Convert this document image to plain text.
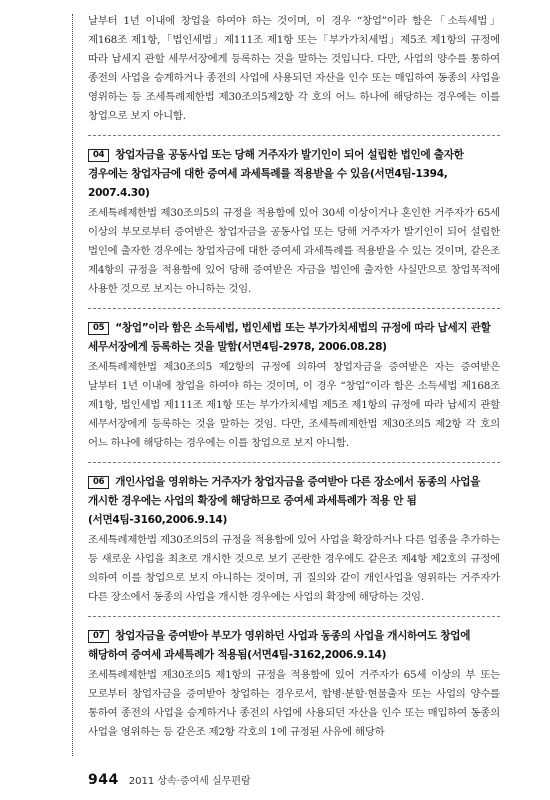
날부터 1년 이내에 창업을 하여야 하는 것이며, 이 경우 “창업”이라 함은「소득세법」제168조 제1항,「법인세법」제111조 제1항 또는「부가가치세법」제5조 제1항의 규정에 따라 납세지 관할 세무서장에게 등록하는 것을 말하는 것입니다. 다만, 사업의 양수를 통하여 종전의 사업을 승계하거나 종전의 사업에 사용되던 자산을 인수 또는 매입하여 동종의 사업을 영위하는 등 조세특례제한법 제30조의5제2항 각 호의 어느 하나에 해당하는 경우에는 이를 창업으로 보지 아니함.

04 창업자금을 공동사업 또는 당해 거주자가 발기인이 되어 설립한 법인에 출자한 경우에는 창업자금에 대한 증여세 과세특례를 적용받을 수 있음(서면4팀-1394, 2007.4.30)

조세특례제한법 제30조의5의 규정을 적용함에 있어 30세 이상이거나 혼인한 거주자가 65세 이상의 부모로부터 증여받은 창업자금을 공동사업 또는 당해 거주자가 발기인이 되어 설립한 법인에 출자한 경우에는 창업자금에 대한 증여세 과세특례를 적용받을 수 있는 것이며, 같은조 제4항의 규정을 적용함에 있어 당해 증여받은 자금을 법인에 출자한 사실만으로 창업목적에 사용한 것으로 보지는 아니하는 것임.

05 “창업”이라 함은 소득세법, 법인세법 또는 부가가치세법의 규정에 따라 납세지 관할 세무서장에게 등록하는 것을 말함(서면4팀-2978, 2006.08.28)

조세특례제한법 제30조의5 제2항의 규정에 의하여 창업자금을 증여받은 자는 증여받은 날부터 1년 이내에 창업을 하여야 하는 것이며, 이 경우 “창업”이라 함은 소득세법 제168조 제1항, 법인세법 제111조 제1항 또는 부가가치세법 제5조 제1항의 규정에 따라 납세지 관할 세무서장에게 등록하는 것을 말하는 것임. 다만, 조세특례제한법 제30조의5 제2항 각 호의 어느 하나에 해당하는 경우에는 이를 창업으로 보지 아니함.

06 개인사업을 영위하는 거주자가 창업자금을 증여받아 다른 장소에서 동종의 사업을 개시한 경우에는 사업의 확장에 해당하므로 증여세 과세특례가 적용 안 됨(서면4팀-3160,2006.9.14)

조세특례제한법 제30조의5의 규정을 적용함에 있어 사업을 확장하거나 다른 업종을 추가하는 등 새로운 사업을 최초로 개시한 것으로 보기 곤란한 경우에도 같은조 제4항 제2호의 규정에 의하여 이를 창업으로 보지 아니하는 것이며, 귀 질의와 같이 개인사업을 영위하는 거주자가 다른 장소에서 동종의 사업을 개시한 경우에는 사업의 확장에 해당하는 것임.

07 창업자금을 증여받아 부모가 영위하던 사업과 동종의 사업을 개시하여도 창업에 해당하여 증여세 과세특례가 적용됨(서면4팀-3162,2006.9.14)

조세특례제한법 제30조의5 제1항의 규정을 적용함에 있어 거주자가 65세 이상의 부 또는 모로부터 창업자금을 증여받아 창업하는 경우로서, 합병·분할·현물출자 또는 사업의 양수를 통하여 종전의 사업을 승계하거나 종전의 사업에 사용되던 자산을 인수 또는 매입하여 동종의 사업을 영위하는 등 같은조 제2항 각호의 1에 규정된 사유에 해당하

944 2011 상속·증여세 실무편람
